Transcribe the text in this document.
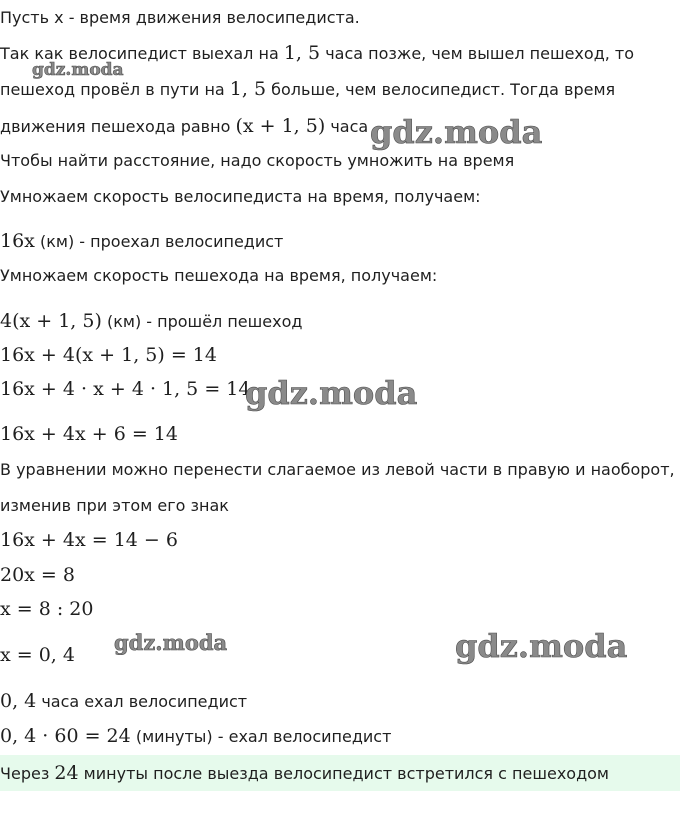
Пусть x - время движения велосипедиста.
Так как велосипедист выехал на 1, 5 часа позже, чем вышел пешеход, то
пешеход провёл в пути на 1, 5 больше, чем велосипедист. Тогда время
движения пешехода равно (x + 1, 5) часа
Чтобы найти расстояние, надо скорость умножить на время
Умножаем скорость велосипедиста на время, получаем:
16x (км) - проехал велосипедист
Умножаем скорость пешехода на время, получаем:
4(x + 1, 5) (км) - прошёл пешеход
16x + 4(x + 1, 5) = 14
16x + 4 · x + 4 · 1, 5 = 14
16x + 4x + 6 = 14
В уравнении можно перенести слагаемое из левой части в правую и наоборот,
изменив при этом его знак
16x + 4x = 14 − 6
20x = 8
x = 8 : 20
x = 0, 4
0, 4 часа ехал велосипедист
0, 4 · 60 = 24 (минуты) - ехал велосипедист
Через 24 минуты после выезда велосипедист встретился с пешеходом
gdz.moda
gdz.moda
gdz.moda
gdz.moda	gdz.moda
